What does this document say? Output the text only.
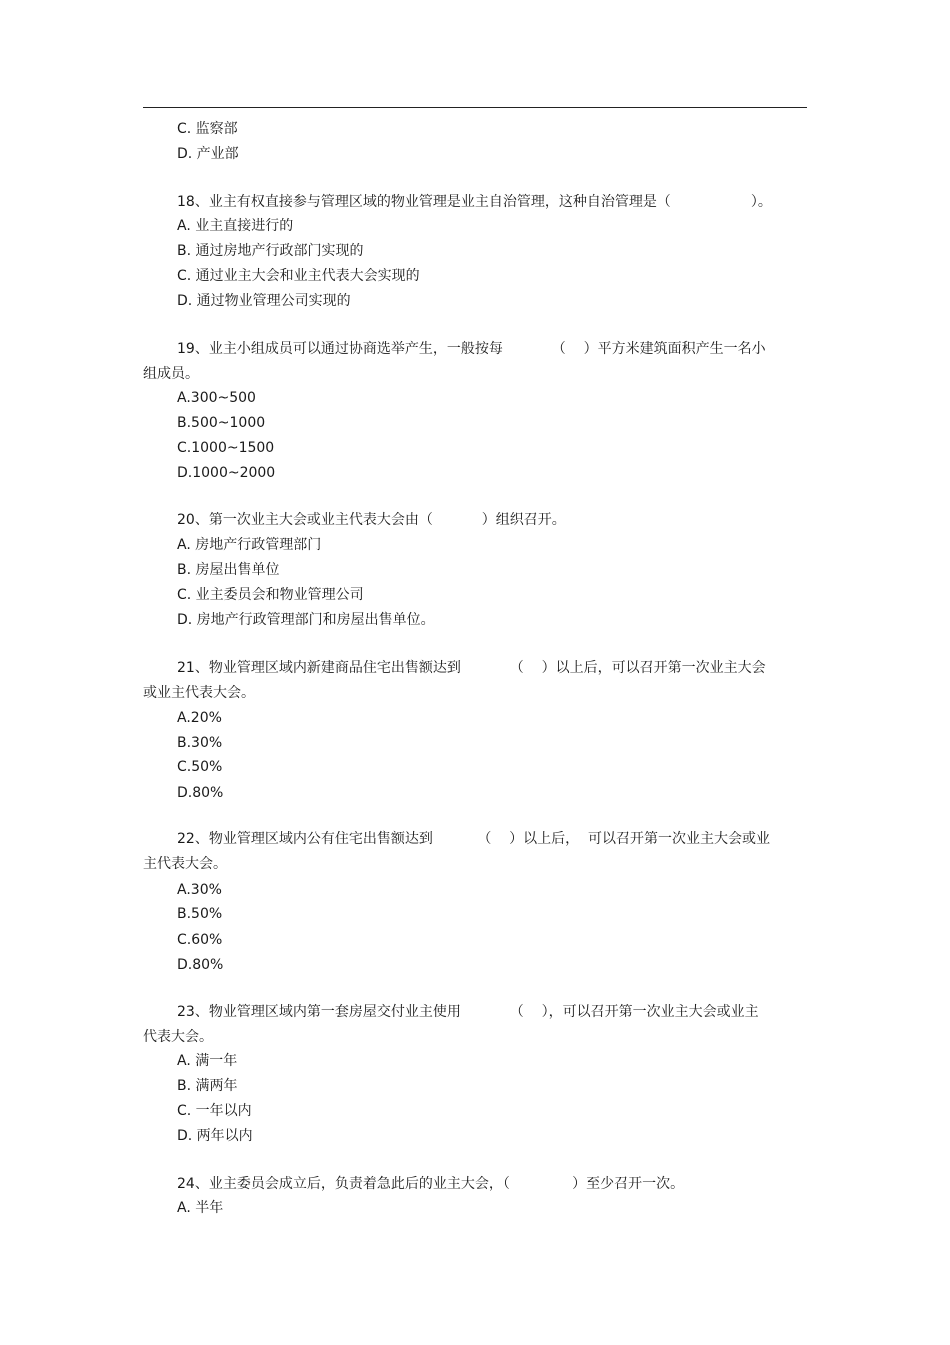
C. 监察部
D. 产业部
18、业主有权直接参与管理区域的物业管理是业主自治管理，这种自治管理是（                  ）。
A. 业主直接进行的
B. 通过房地产行政部门实现的
C. 通过业主大会和业主代表大会实现的
D. 通过物业管理公司实现的
19、业主小组成员可以通过协商选举产生，一般按每           （    ）平方米建筑面积产生一名小
组成员。
A.300~500
B.500~1000
C.1000~1500
D.1000~2000
20、第一次业主大会或业主代表大会由（           ）组织召开。
A. 房地产行政管理部门
B. 房屋出售单位
C. 业主委员会和物业管理公司
D. 房地产行政管理部门和房屋出售单位。
21、物业管理区域内新建商品住宅出售额达到           （    ）以上后，可以召开第一次业主大会
或业主代表大会。
A.20%
B.30%
C.50%
D.80%
22、物业管理区域内公有住宅出售额达到          （    ）以上后，  可以召开第一次业主大会或业
主代表大会。
A.30%
B.50%
C.60%
D.80%
23、物业管理区域内第一套房屋交付业主使用           （    ），可以召开第一次业主大会或业主
代表大会。
A. 满一年
B. 满两年
C. 一年以内
D. 两年以内
24、业主委员会成立后，负责着急此后的业主大会，（              ）至少召开一次。
A. 半年
